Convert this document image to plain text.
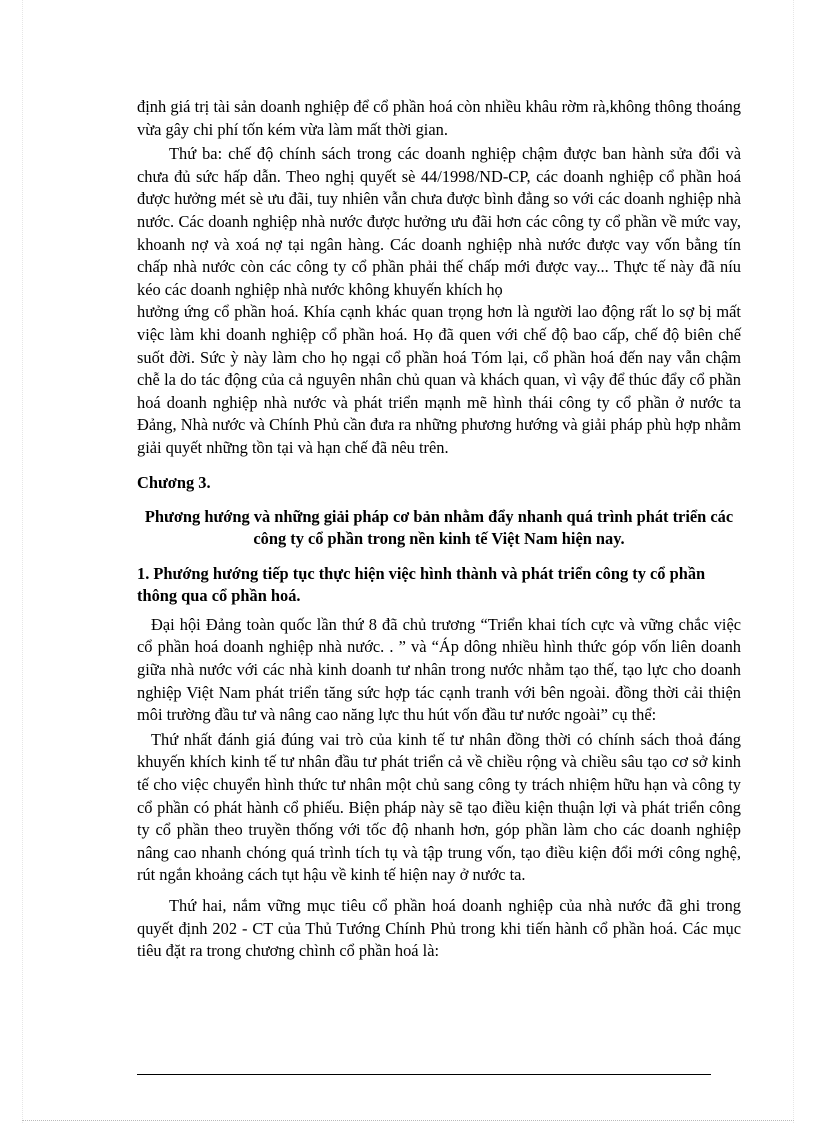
định giá trị tài sản doanh nghiệp để cổ phần hoá còn nhiều khâu rờm rà,không thông thoáng vừa gây chi phí tốn kém vừa làm mất thời gian.

Thứ ba: chế độ chính sách trong các doanh nghiệp chậm được ban hành sửa đổi và chưa đủ sức hấp dẫn. Theo nghị quyết sè 44/1998/ND-CP, các doanh nghiệp cổ phần hoá được hưởng mét sè ưu đãi, tuy nhiên vẫn chưa được bình đẳng so với các doanh nghiệp nhà nước. Các doanh nghiệp nhà nước được hưởng ưu đãi hơn các công ty cổ phần về mức vay, khoanh nợ và xoá nợ tại ngân hàng. Các doanh nghiệp nhà nước được vay vốn bằng tín chấp nhà nước còn các công ty cổ phần phải thế chấp mới được vay... Thực tế này đã níu kéo các doanh nghiệp nhà nước không khuyến khích họ

hưởng ứng cổ phần hoá. Khía cạnh khác quan trọng hơn là người lao động rất lo sợ bị mất việc làm khi doanh nghiệp cổ phần hoá. Họ đã quen với chế độ bao cấp, chế độ biên chế suốt đời. Sức ỳ này làm cho họ ngại cổ phần hoá Tóm lại, cổ phần hoá đến nay vẫn chậm chễ la do tác động của cả nguyên nhân chủ quan và khách quan, vì vậy để thúc đẩy cổ phần hoá doanh nghiệp nhà nước và phát triển mạnh mẽ hình thái công ty cổ phần ở nước ta Đảng, Nhà nước và Chính Phủ cần đưa ra những phương hướng và giải pháp phù hợp nhằm giải quyết những tồn tại và hạn chế đã nêu trên.

Chương 3.
Phương hướng và những giải pháp cơ bản nhằm đẩy nhanh quá trình phát triển các công ty cổ phần trong nền kinh tế Việt Nam hiện nay.
1. Phướng hướng tiếp tục thực hiện việc hình thành và phát triển công ty cổ phần thông qua cổ phần hoá.

Đại hội Đảng toàn quốc lần thứ 8 đã chủ trương “Triển khai tích cực và vững chắc việc cổ phần hoá doanh nghiệp nhà nước. . ” và “Áp dông nhiều hình thức góp vốn liên doanh giữa nhà nước với các nhà kinh doanh tư nhân trong nước nhằm tạo thế, tạo lực cho doanh nghiệp Việt Nam phát triển tăng sức hợp tác cạnh tranh với bên ngoài. đồng thời cải thiện môi trường đầu tư và nâng cao năng lực thu hút vốn đầu tư nước ngoài” cụ thể:

Thứ nhất đánh giá đúng vai trò của kinh tế tư nhân đồng thời có chính sách thoả đáng khuyến khích kinh tế tư nhân đầu tư phát triển cả về chiều rộng và chiều sâu tạo cơ sở kinh tế cho việc chuyển hình thức tư nhân một chủ sang công ty trách nhiệm hữu hạn và công ty cổ phần có phát hành cổ phiếu. Biện pháp này sẽ tạo điều kiện thuận lợi và phát triển công ty cổ phần theo truyền thống với tốc độ nhanh hơn, góp phần làm cho các doanh nghiệp nâng cao nhanh chóng quá trình tích tụ và tập trung vốn, tạo điều kiện đổi mới công nghệ, rút ngắn khoảng cách tụt hậu về kinh tế hiện nay ở nước ta.

Thứ hai, nắm vững mục tiêu cổ phần hoá doanh nghiệp của nhà nước đã ghi trong quyết định 202 - CT của Thủ Tướng Chính Phủ trong khi tiến hành cổ phần hoá. Các mục tiêu đặt ra trong chương chình cổ phần hoá là:
